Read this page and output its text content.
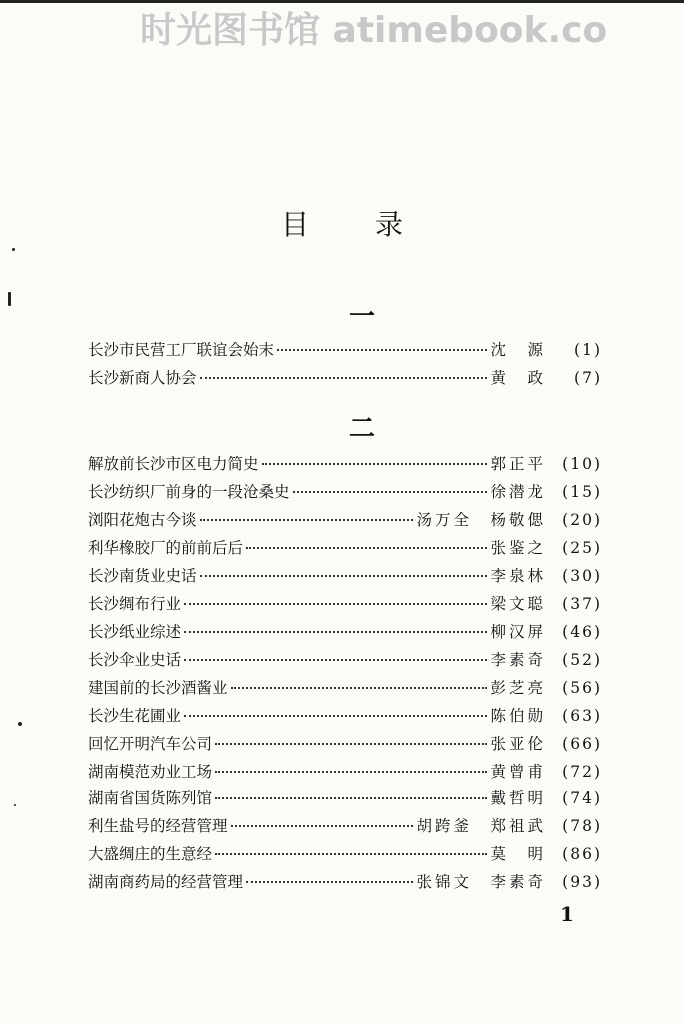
时光图书馆 atimebook.co
目录
一
长沙市民营工厂联谊会始末	沈　源	(1)
长沙新商人协会	黄　政	(7)
二
解放前长沙市区电力简史	郭正平	(10)
长沙纺织厂前身的一段沧桑史	徐潜龙	(15)
浏阳花炮古今谈	汤万全　杨敬偲	(20)
利华橡胶厂的前前后后	张鉴之	(25)
长沙南货业史话	李泉林	(30)
长沙绸布行业	梁文聪	(37)
长沙纸业综述	柳汉屏	(46)
长沙伞业史话	李素奇	(52)
建国前的长沙酒酱业	彭芝亮	(56)
长沙生花圃业	陈伯勋	(63)
回忆开明汽车公司	张亚伦	(66)
湖南模范劝业工场	黄曾甫	(72)
湖南省国货陈列馆	戴哲明	(74)
利生盐号的经营管理	胡跨釜　郑祖武	(78)
大盛绸庄的生意经	莫　明	(86)
湖南商药局的经营管理	张锦文　李素奇	(93)
1
